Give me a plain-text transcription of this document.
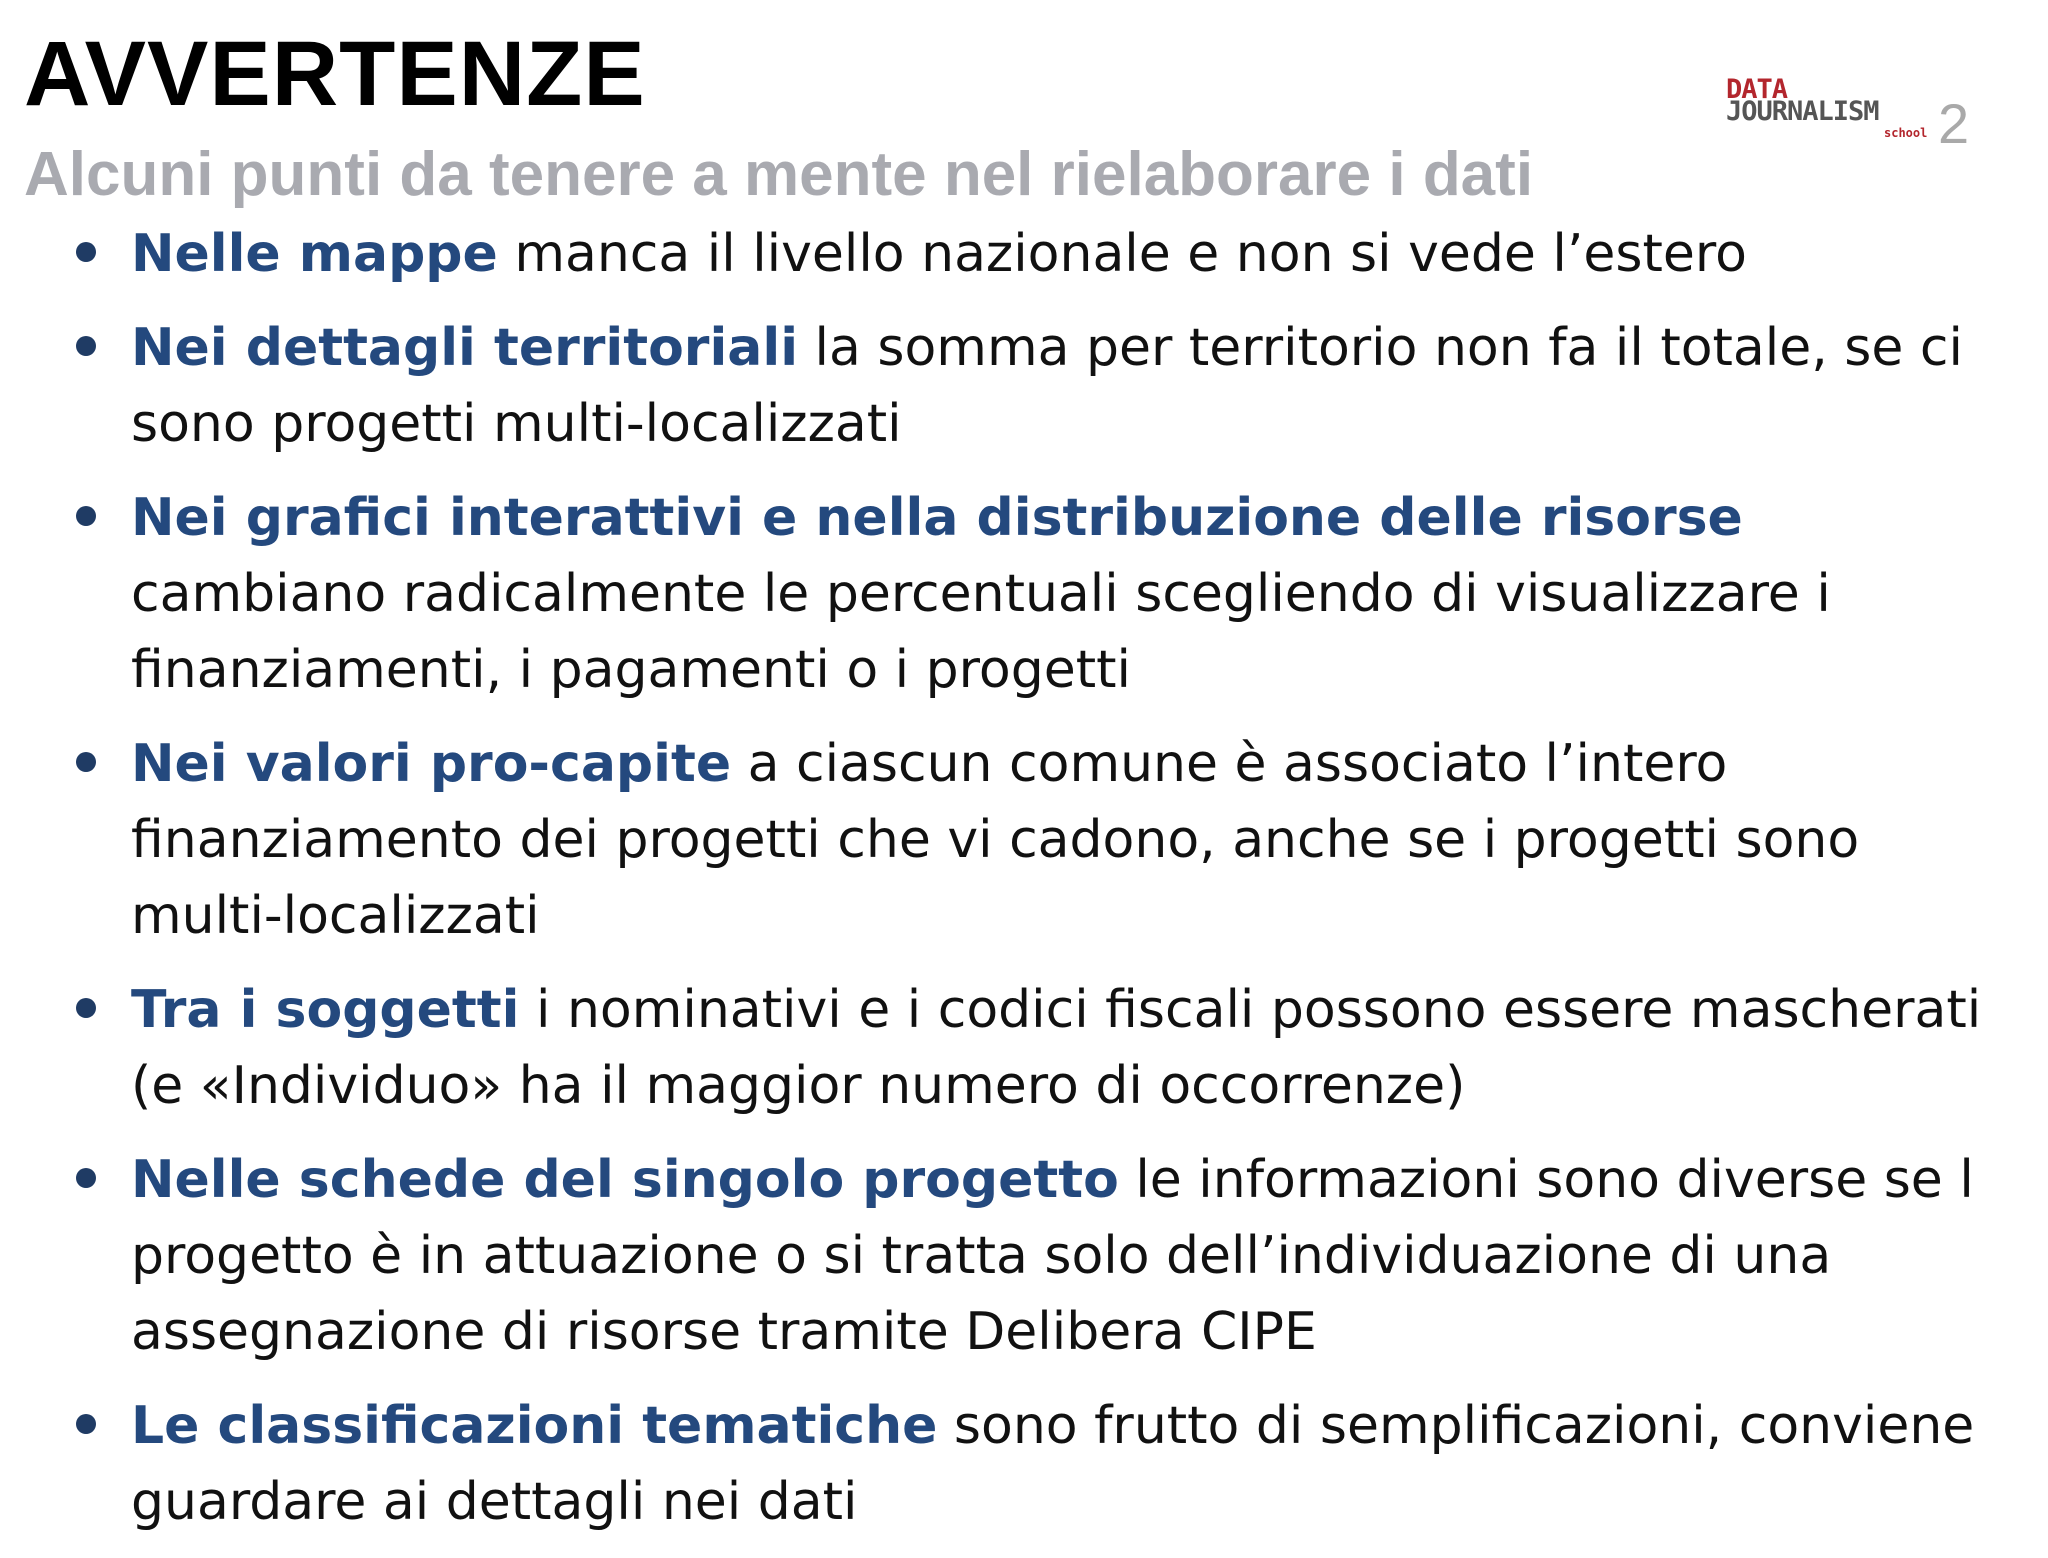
AVVERTENZE
Alcuni punti da tenere a mente nel rielaborare i dati
DATA
JOURNALISM
school 2
Nelle mappe manca il livello nazionale e non si vede l’estero
Nei dettagli territoriali la somma per territorio non fa il totale, se ci sono progetti multi-localizzati
Nei grafici interattivi e nella distribuzione delle risorse cambiano radicalmente le percentuali scegliendo di visualizzare i finanziamenti, i pagamenti o i progetti
Nei valori pro-capite a ciascun comune è associato l’intero finanziamento dei progetti che vi cadono, anche se i progetti sono multi-localizzati
Tra i soggetti i nominativi e i codici fiscali possono essere mascherati (e «Individuo» ha il maggior numero di occorrenze)
Nelle schede del singolo progetto le informazioni sono diverse se l progetto è in attuazione o si tratta solo dell’individuazione di una assegnazione di risorse tramite Delibera CIPE
Le classificazioni tematiche sono frutto di semplificazioni, conviene guardare ai dettagli nei dati
